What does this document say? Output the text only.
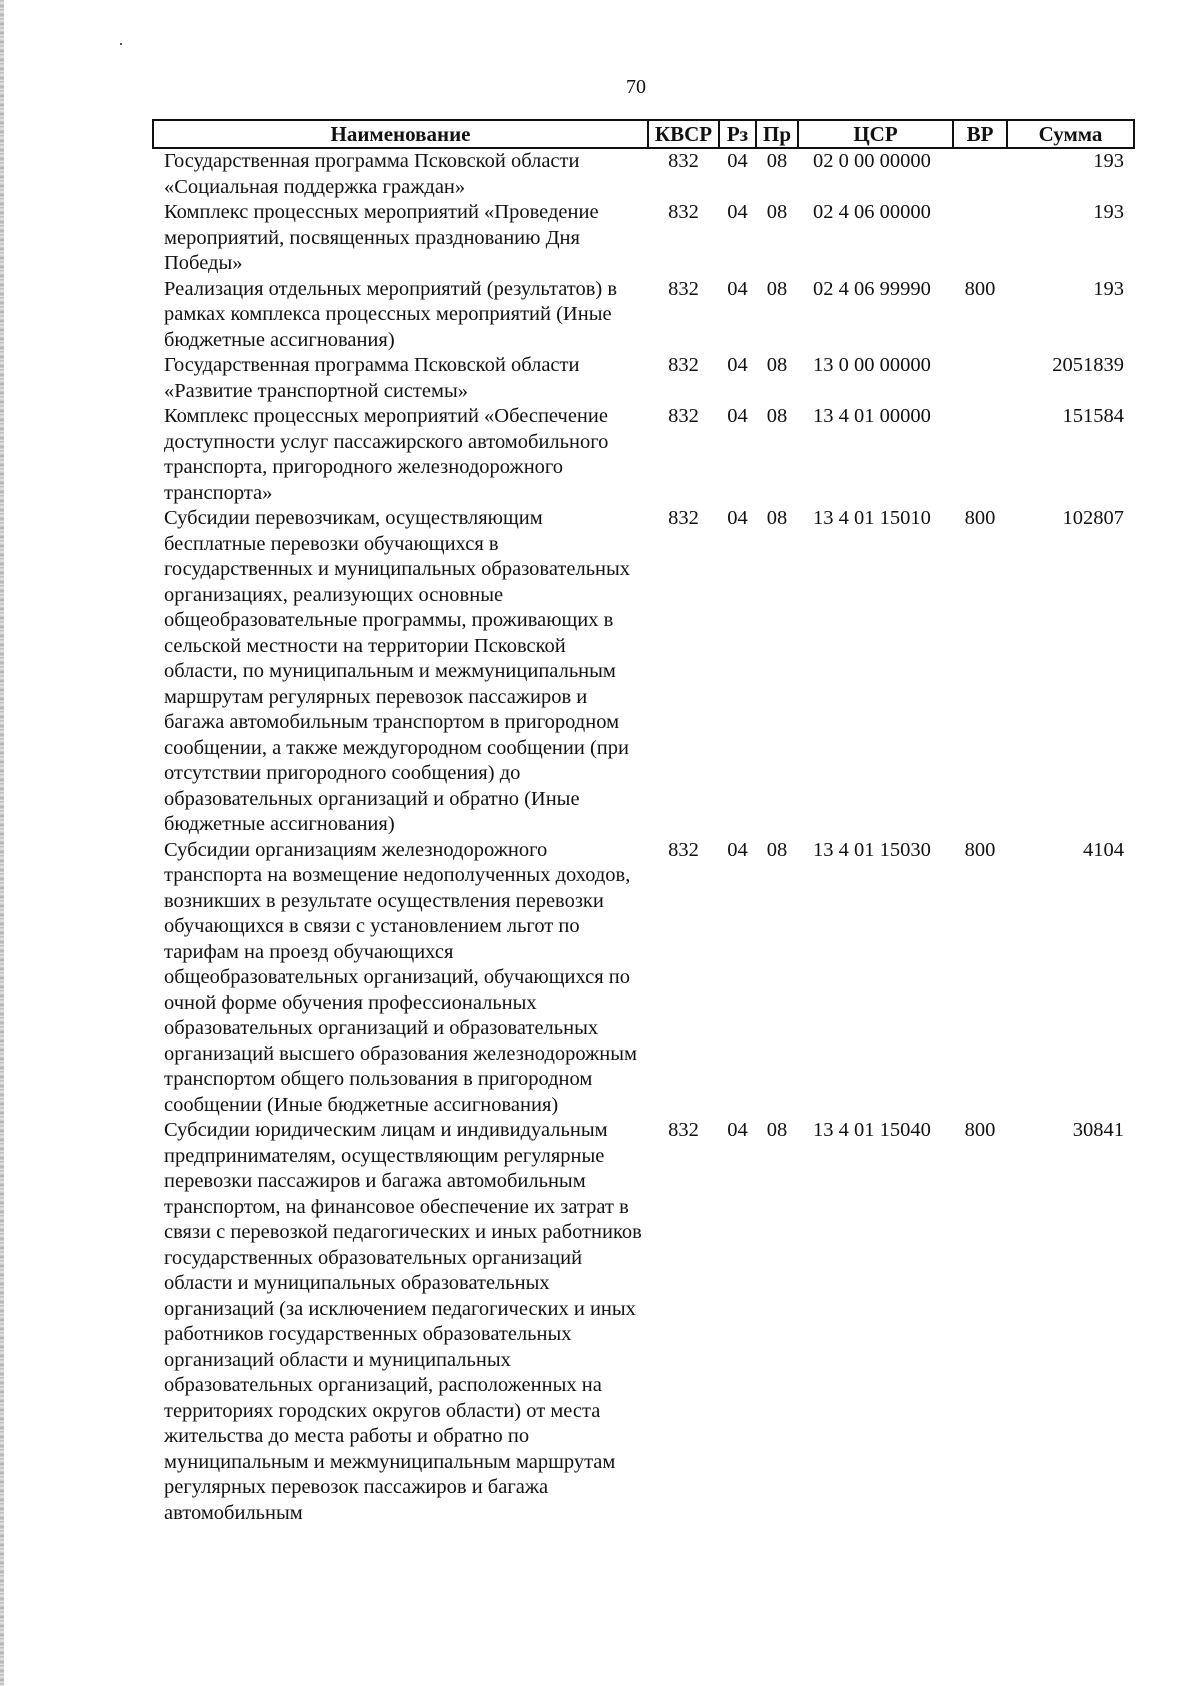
70
Наименование	КВСР	Рз	Пр	ЦСР	ВР	Сумма
Государственная программа Псковской области «Социальная поддержка граждан»	832	04	08	02 0 00 00000		193
Комплекс процессных мероприятий «Проведение мероприятий, посвященных празднованию Дня Победы»	832	04	08	02 4 06 00000		193
Реализация отдельных мероприятий (результатов) в рамках комплекса процессных мероприятий (Иные бюджетные ассигнования)	832	04	08	02 4 06 99990	800	193
Государственная программа Псковской области «Развитие транспортной системы»	832	04	08	13 0 00 00000		2051839
Комплекс процессных мероприятий «Обеспечение доступности услуг пассажирского автомобильного транспорта, пригородного железнодорожного транспорта»	832	04	08	13 4 01 00000		151584
Субсидии перевозчикам, осуществляющим бесплатные перевозки обучающихся в государственных и муниципальных образовательных организациях, реализующих основные общеобразовательные программы, проживающих в сельской местности на территории Псковской области, по муниципальным и межмуниципальным маршрутам регулярных перевозок пассажиров и багажа автомобильным транспортом в пригородном сообщении, а также междугородном сообщении (при отсутствии пригородного сообщения) до образовательных организаций и обратно (Иные бюджетные ассигнования)	832	04	08	13 4 01 15010	800	102807
Субсидии организациям железнодорожного транспорта на возмещение недополученных доходов, возникших в результате осуществления перевозки обучающихся в связи с установлением льгот по тарифам на проезд обучающихся общеобразовательных организаций, обучающихся по очной форме обучения профессиональных образовательных организаций и образовательных организаций высшего образования железнодорожным транспортом общего пользования в пригородном сообщении (Иные бюджетные ассигнования)	832	04	08	13 4 01 15030	800	4104
Субсидии юридическим лицам и индивидуальным предпринимателям, осуществляющим регулярные перевозки пассажиров и багажа автомобильным транспортом, на финансовое обеспечение их затрат в связи с перевозкой педагогических и иных работников государственных образовательных организаций области и муниципальных образовательных организаций (за исключением педагогических и иных работников государственных образовательных организаций области и муниципальных образовательных организаций, расположенных на территориях городских округов области) от места жительства до места работы и обратно по муниципальным и межмуниципальным маршрутам регулярных перевозок пассажиров и багажа автомобильным	832	04	08	13 4 01 15040	800	30841
